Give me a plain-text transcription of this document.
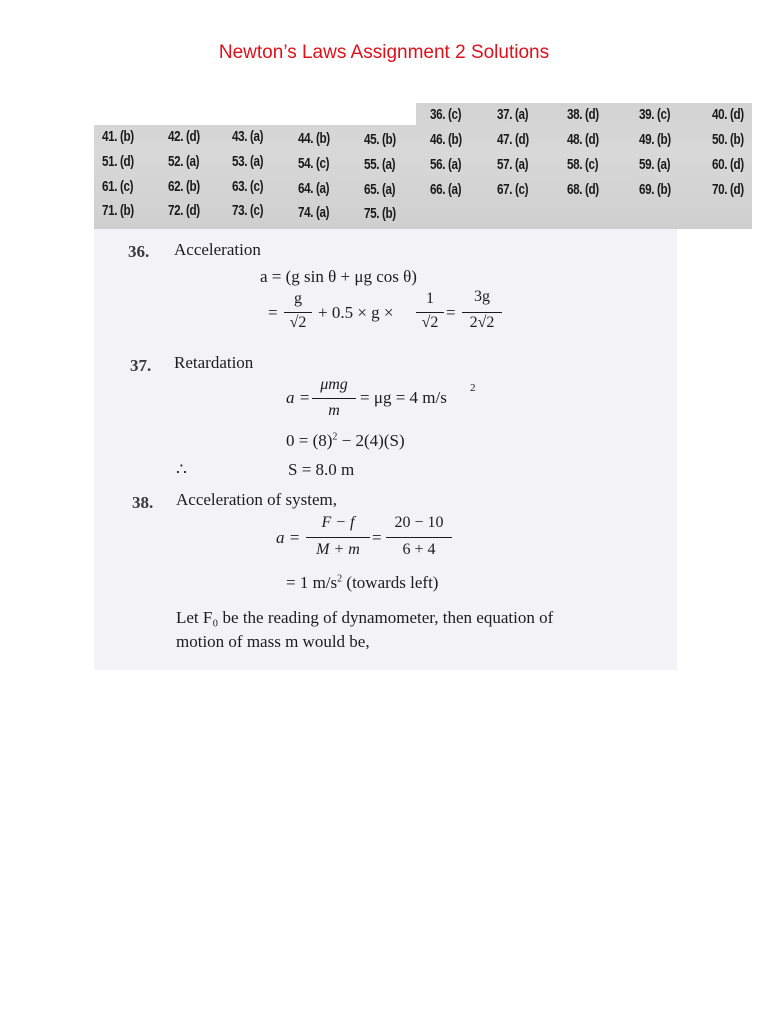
Newton’s Laws Assignment 2 Solutions
36. (c) 37. (a)	38. (d)	39. (c)	40. (d)
41. (b) 42. (d) 43. (a) 44. (b) 45. (b) 46. (b) 47. (d)	48. (d)	49. (b)	50. (b)
51. (d) 52. (a) 53. (a) 54. (c) 55. (a) 56. (a) 57. (a)	58. (c)	59. (a)	60. (d)
61. (c) 62. (b) 63. (c) 64. (a) 65. (a) 66. (a) 67. (c)	68. (d)	69. (b)	70. (d)
71. (b) 72. (d) 73. (c) 74. (a) 75. (b)
36. Acceleration
a = (g sin θ + μg cos θ)
=
g
√2
+ 0.5 × g ×
1
√2
=
3g
2√2
37. Retardation
a =
μmg
m
= μg = 4 m/s 2
$0 = (8)^2 - 2(4)(S)$
∴	S = 8.0 m
38. Acceleration of system,
a =
F − f
M + m
=
20 − 10
6 + 4
= 1 $m/s^2$ (towards left)
Let F₀ be the reading of dynamometer, then equation of
motion of mass m would be,
